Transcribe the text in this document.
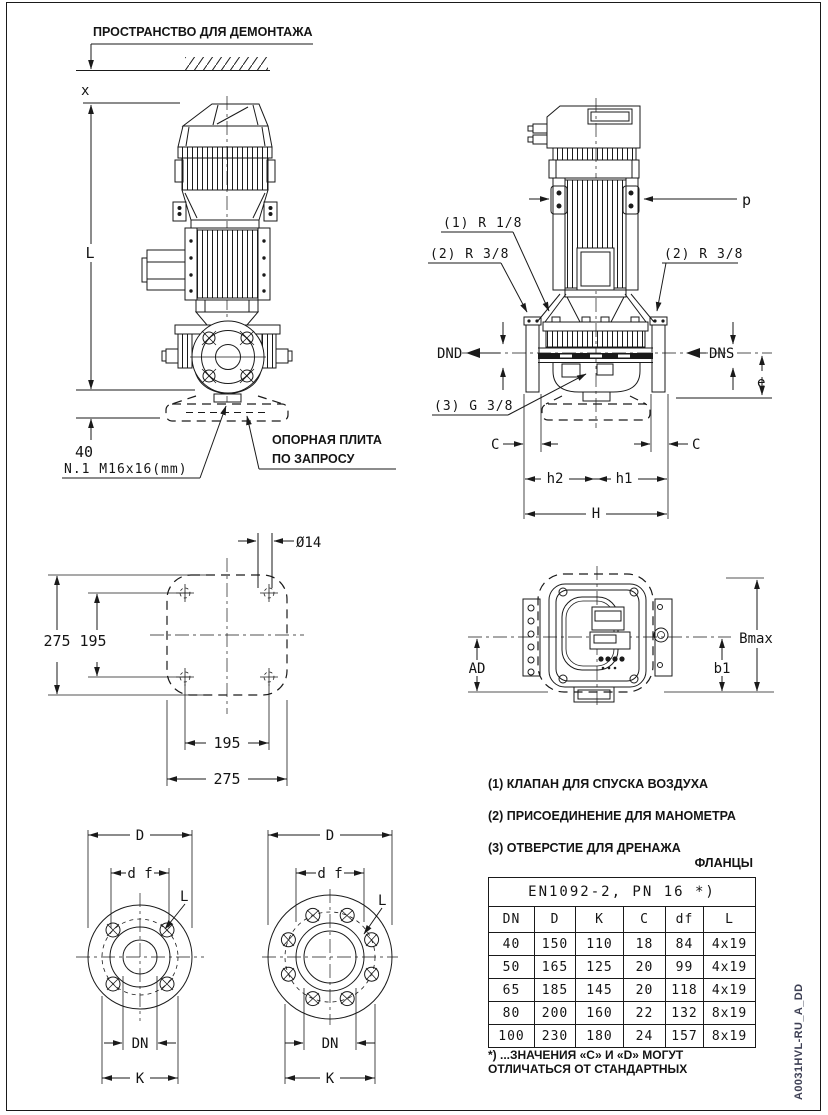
x
L
40
N.1 M16x16(mm)
ОПОРНАЯ ПЛИТА
ПО ЗАПРОСУ
p
(1) R 1/8
(2) R 3/8	(2) R 3/8
DND	DNS
e
(3) G 3/8
C	C
h2	h1
H
Ø14
275 195
195
275
AD	b1
Bmax
D
d f
L
DN
K
D
d f
L
DN
K
ПРОСТРАНСТВО ДЛЯ ДЕМОНТАЖА
(1) КЛАПАН ДЛЯ СПУСКА ВОЗДУХА
(2) ПРИСОЕДИНЕНИЕ ДЛЯ МАНОМЕТРА
(3) ОТВЕРСТИЕ ДЛЯ ДРЕНАЖА
ФЛАНЦЫ
EN1092-2, PN 16 *)					
DN	D	K	C	df	L
40	150	110	18	84	4x19
50	165	125	20	99	4x19
65	185	145	20	118	4x19
80	200	160	22	132	8x19
100	230	180	24	157	8x19
*) ...ЗНАЧЕНИЯ «C» И «D» МОГУТ
ОТЛИЧАТЬСЯ ОТ СТАНДАРТНЫХ	A0031HVL-RU_A_DD
